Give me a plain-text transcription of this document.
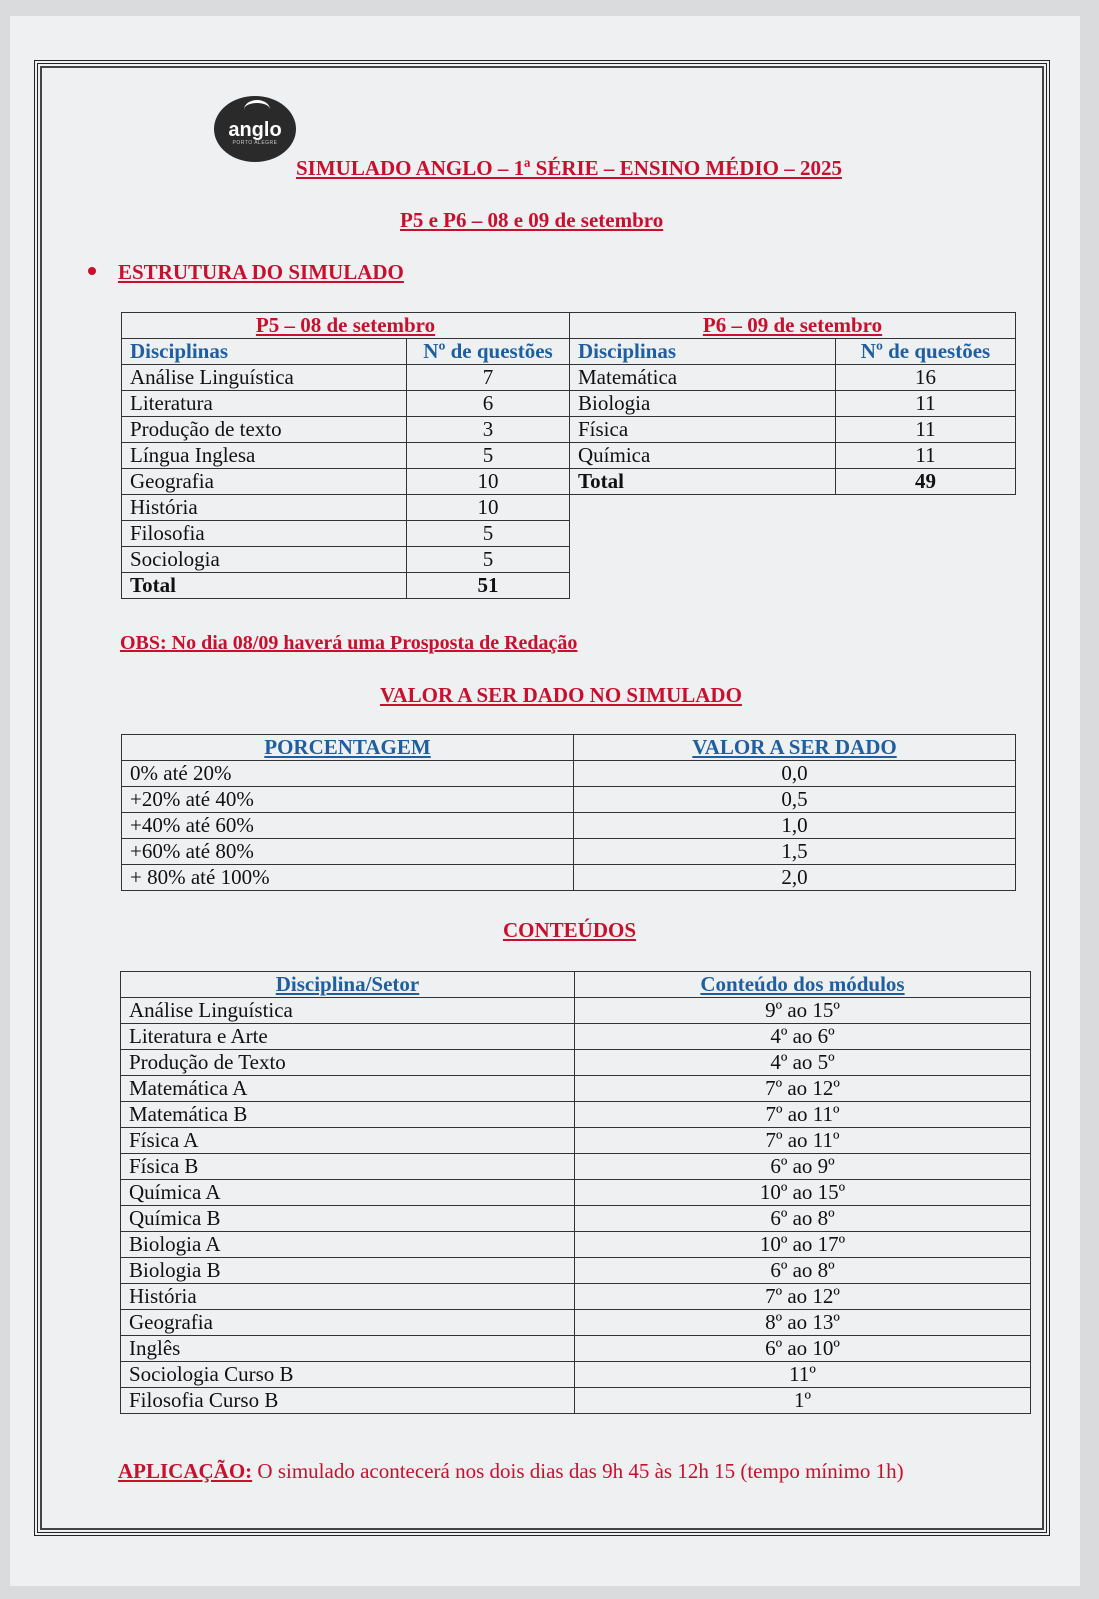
anglo
PORTO ALEGRE
SIMULADO ANGLO – 1ª SÉRIE – ENSINO MÉDIO – 2025
P5 e P6 – 08 e 09 de setembro
ESTRUTURA DO SIMULADO
P5 – 08 de setembro	
Disciplinas	Nº de questões
Análise Linguística	7
Literatura	6
Produção de texto	3
Língua Inglesa	5
Geografia	10
História	10
Filosofia	5
Sociologia	5
Total	51
P6 – 09 de setembro	
Disciplinas	Nº de questões
Matemática	16
Biologia	11
Física	11
Química	11
Total	49
OBS: No dia 08/09 haverá uma Prosposta de Redação
VALOR A SER DADO NO SIMULADO
PORCENTAGEM	VALOR A SER DADO
0% até 20%	0,0
+20% até 40%	0,5
+40% até 60%	1,0
+60% até 80%	1,5
+ 80% até 100%	2,0
CONTEÚDOS
Disciplina/Setor	Conteúdo dos módulos
Análise Linguística	9º ao 15º
Literatura e Arte	4º ao 6º
Produção de Texto	4º ao 5º
Matemática A	7º ao 12º
Matemática B	7º ao 11º
Física A	7º ao 11º
Física B	6º ao 9º
Química A	10º ao 15º
Química B	6º ao 8º
Biologia A	10º ao 17º
Biologia B	6º ao 8º
História	7º ao 12º
Geografia	8º ao 13º
Inglês	6º ao 10º
Sociologia Curso B	11º
Filosofia Curso B	1º
APLICAÇÃO: O simulado acontecerá nos dois dias das 9h 45 às 12h 15 (tempo mínimo 1h)
